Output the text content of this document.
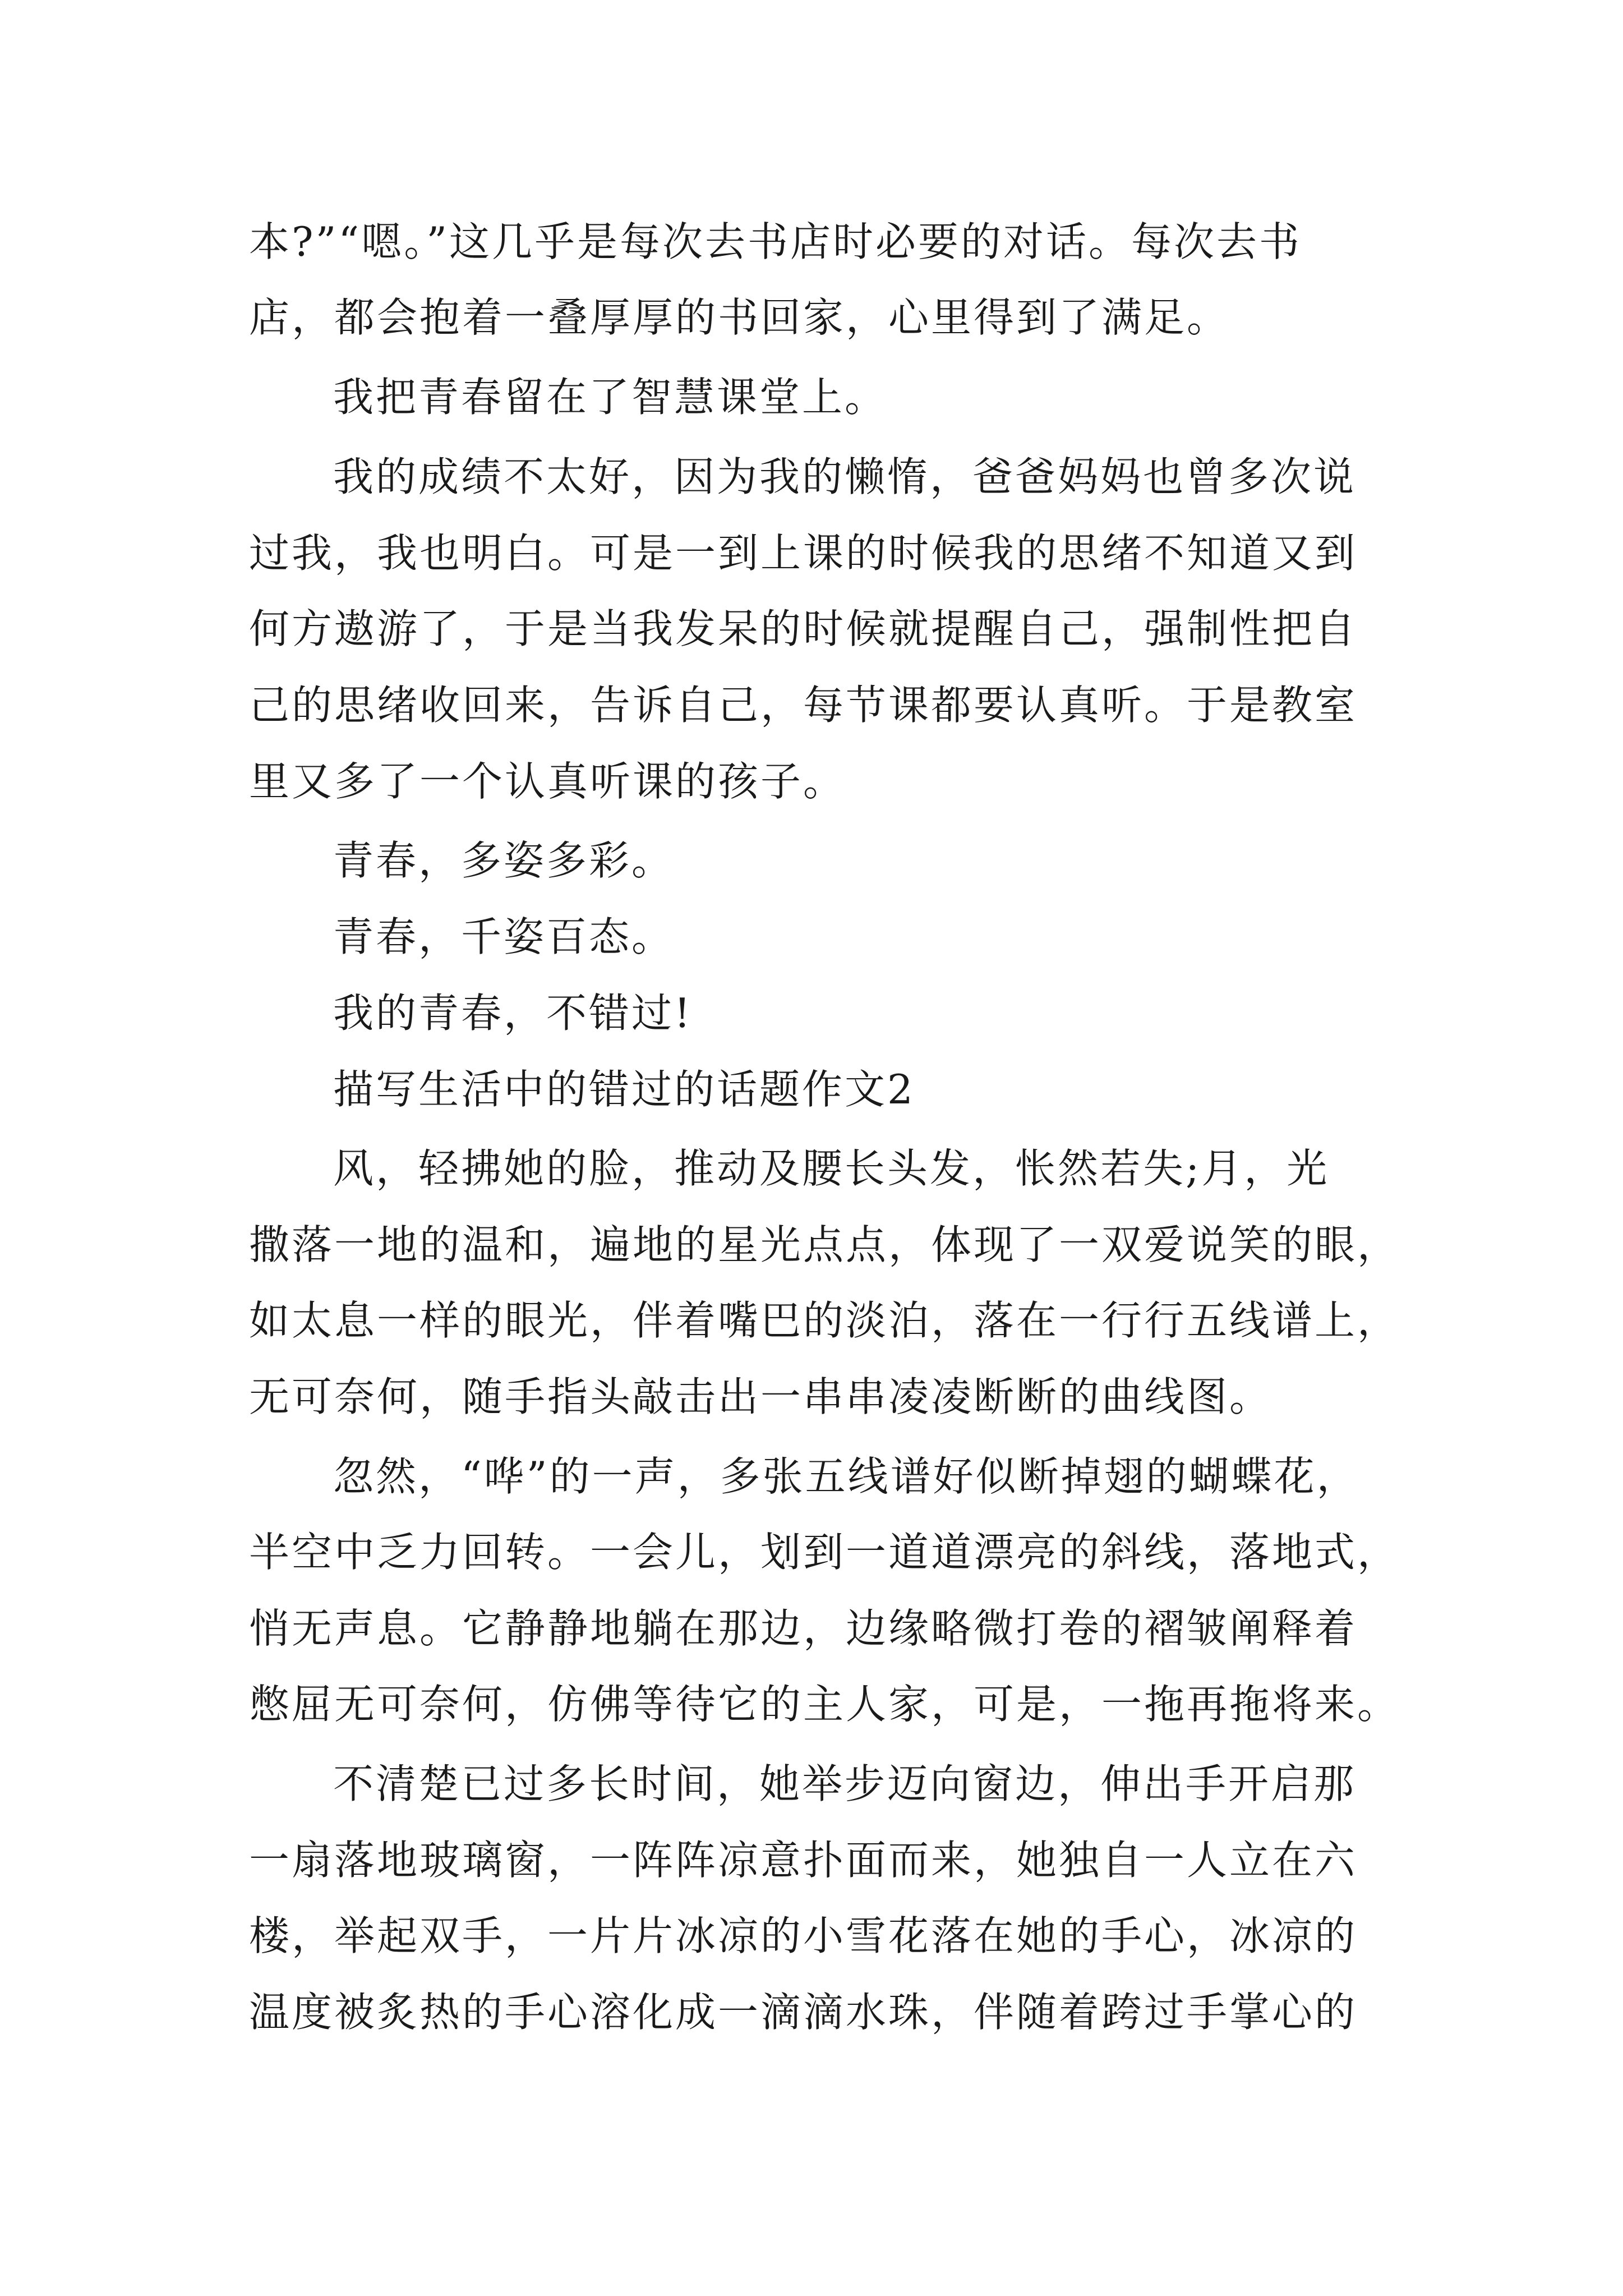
本?”“嗯。”这几乎是每次去书店时必要的对话。每次去书
店，都会抱着一叠厚厚的书回家，心里得到了满足。
我把青春留在了智慧课堂上。
我的成绩不太好，因为我的懒惰，爸爸妈妈也曾多次说
过我，我也明白。可是一到上课的时候我的思绪不知道又到
何方遨游了，于是当我发呆的时候就提醒自己，强制性把自
己的思绪收回来，告诉自己，每节课都要认真听。于是教室
里又多了一个认真听课的孩子。
青春，多姿多彩。
青春，千姿百态。
我的青春，不错过!
描写生活中的错过的话题作文2
风，轻拂她的脸，推动及腰长头发，怅然若失;月，光
撒落一地的温和，遍地的星光点点，体现了一双爱说笑的眼，
如太息一样的眼光，伴着嘴巴的淡泊，落在一行行五线谱上，
无可奈何，随手指头敲击出一串串凌凌断断的曲线图。
忽然，“哗”的一声，多张五线谱好似断掉翅的蝴蝶花，
半空中乏力回转。一会儿，划到一道道漂亮的斜线，落地式，
悄无声息。它静静地躺在那边，边缘略微打卷的褶皱阐释着
憋屈无可奈何，仿佛等待它的主人家，可是，一拖再拖将来。
不清楚已过多长时间，她举步迈向窗边，伸出手开启那
一扇落地玻璃窗，一阵阵凉意扑面而来，她独自一人立在六
楼，举起双手，一片片冰凉的小雪花落在她的手心，冰凉的
温度被炙热的手心溶化成一滴滴水珠，伴随着跨过手掌心的
